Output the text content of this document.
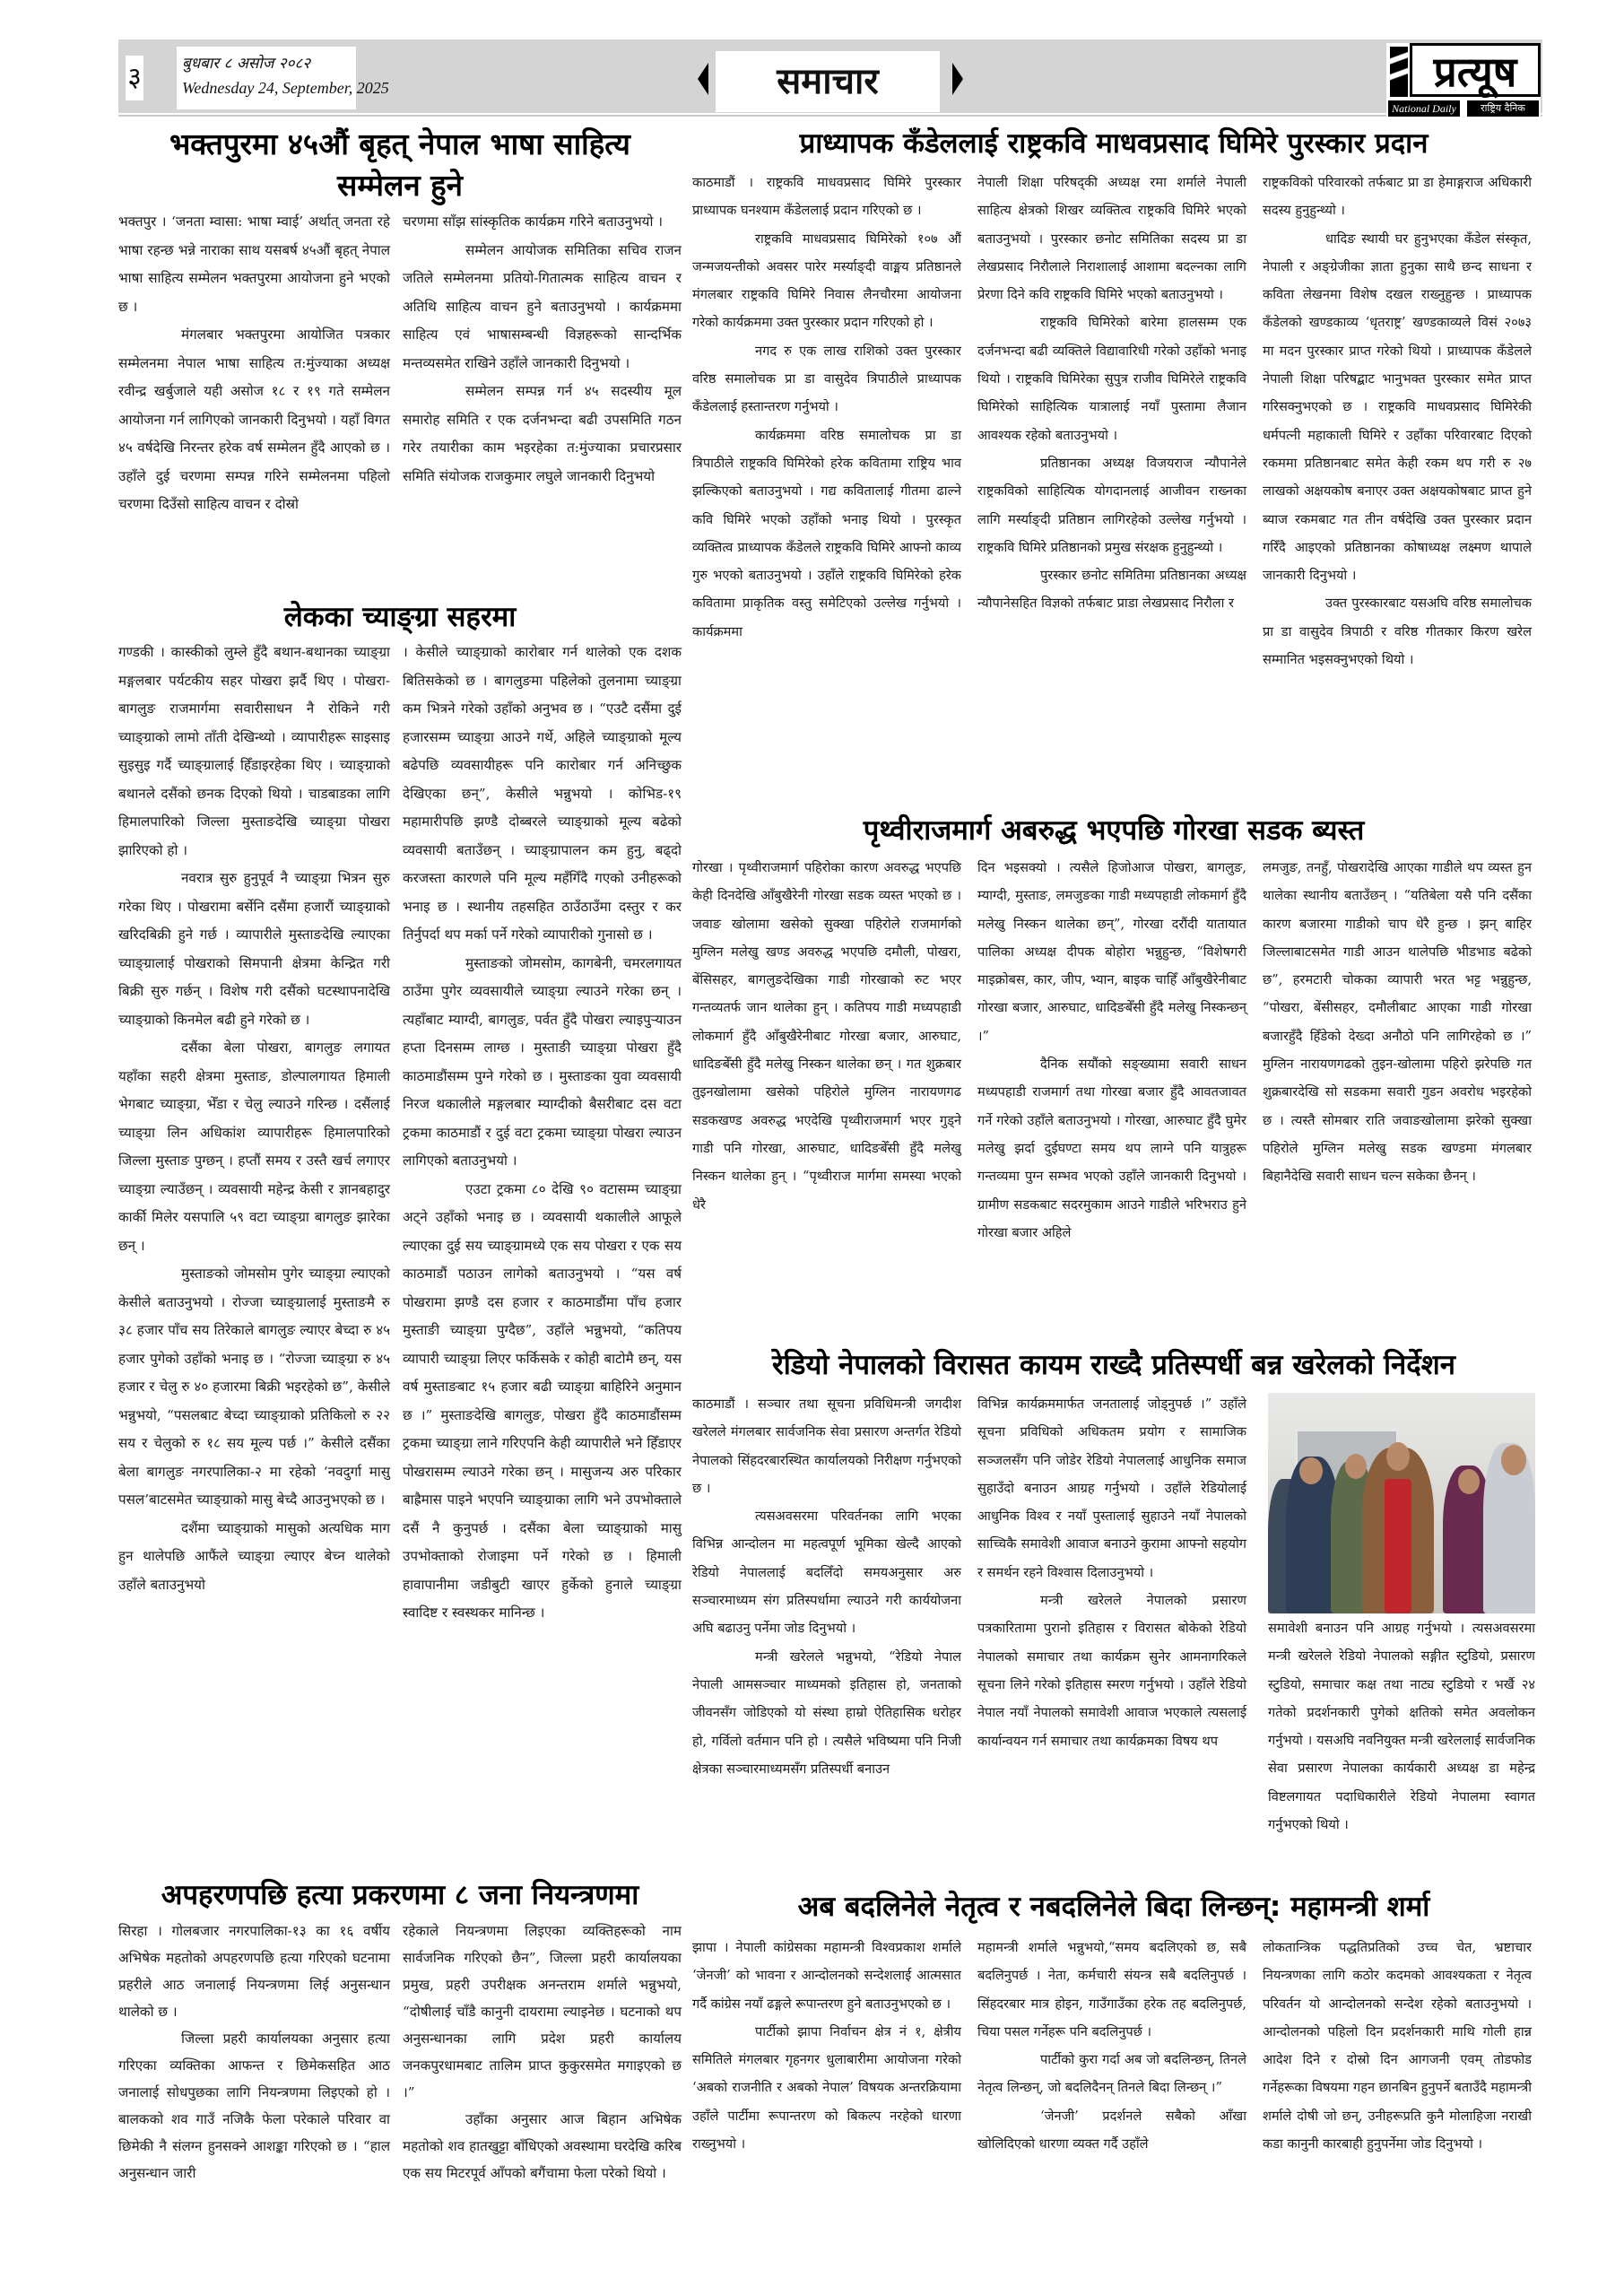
३	बुधबार ८ असोज २०८२
Wednesday 24, September, 2025	समाचार	प्रत्यूष
National Daily	राष्ट्रिय दैनिक
भक्तपुरमा ४५औं बृहत् नेपाल भाषा साहित्य सम्मेलन हुने

भक्तपुर । ‘जनता म्वासा: भाषा म्वाई’ अर्थात् जनता रहे भाषा रहन्छ भन्ने नाराका साथ यसबर्ष ४५औं बृहत् नेपाल भाषा साहित्य सम्मेलन भक्तपुरमा आयोजना हुने भएको छ ।

मंगलबार भक्तपुरमा आयोजित पत्रकार सम्मेलनमा नेपाल भाषा साहित्य त:मुंज्याका अध्यक्ष रवीन्द्र खर्बुजाले यही असोज १८ र १९ गते सम्मेलन आयोजना गर्न लागिएको जानकारी दिनुभयो । यहाँ विगत ४५ वर्षदेखि निरन्तर हरेक वर्ष सम्मेलन हुँदै आएको छ । उहाँले दुई चरणमा सम्पन्न गरिने सम्मेलनमा पहिलो चरणमा दिउँसो साहित्य वाचन र दोस्रो

चरणमा साँझ सांस्कृतिक कार्यक्रम गरिने बताउनुभयो ।

सम्मेलन आयोजक समितिका सचिव राजन जतिले सम्मेलनमा प्रतियो-गितात्मक साहित्य वाचन र अतिथि साहित्य वाचन हुने बताउनुभयो । कार्यक्रममा साहित्य एवं भाषासम्बन्धी विज्ञहरूको सान्दर्भिक मन्तव्यसमेत राखिने उहाँले जानकारी दिनुभयो ।

सम्मेलन सम्पन्न गर्न ४५ सदस्यीय मूल समारोह समिति र एक दर्जनभन्दा बढी उपसमिति गठन गरेर तयारीका काम भइरहेका त:मुंज्याका प्रचारप्रसार समिति संयोजक राजकुमार लघुले जानकारी दिनुभयो

लेकका च्याङ्ग्रा सहरमा

गण्डकी । कास्कीको लुम्ले हुँदै बथान-बथानका च्याङ्ग्रा मङ्गलबार पर्यटकीय सहर पोखरा झर्दै थिए । पोखरा-बागलुङ राजमार्गमा सवारीसाधन नै रोकिने गरी च्याङ्ग्राको लामो ताँती देखिन्थ्यो । व्यापारीहरू साइसाइ सुइसुइ गर्दै च्याङ्ग्रालाई हिँडाइरहेका थिए । च्याङ्ग्राको बथानले दसैंको छनक दिएको थियो । चाडबाडका लागि हिमालपारिको जिल्ला मुस्ताङदेखि च्याङ्ग्रा पोखरा झारिएको हो ।

नवरात्र सुरु हुनुपूर्व नै च्याङ्ग्रा भित्रन सुरु गरेका थिए । पोखरामा बर्सेनि दसैंमा हजारौं च्याङ्ग्राको खरिदबिक्री हुने गर्छ । व्यापारीले मुस्ताङदेखि ल्याएका च्याङ्ग्रालाई पोखराको सिमपानी क्षेत्रमा केन्द्रित गरी बिक्री सुरु गर्छन् । विशेष गरी दसैंको घटस्थापनादेखि च्याङ्ग्राको किनमेल बढी हुने गरेको छ ।

दसैंका बेला पोखरा, बागलुङ लगायत यहाँका सहरी क्षेत्रमा मुस्ताङ, डोल्पालगायत हिमाली भेगबाट च्याङ्ग्रा, भेँडा र चेलु ल्याउने गरिन्छ । दसैंलाई च्याङ्ग्रा लिन अधिकांश व्यापारीहरू हिमालपारिको जिल्ला मुस्ताङ पुग्छन् । हप्तौं समय र उस्तै खर्च लगाएर च्याङ्ग्रा ल्याउँछन् । व्यवसायी महेन्द्र केसी र ज्ञानबहादुर कार्की मिलेर यसपालि ५९ वटा च्याङ्ग्रा बागलुङ झारेका छन् ।

मुस्ताङको जोमसोम पुगेर च्याङ्ग्रा ल्याएको केसीले बताउनुभयो । रोज्जा च्याङ्ग्रालाई मुस्ताङमै रु ३८ हजार पाँच सय तिरेकाले बागलुङ ल्याएर बेच्दा रु ४५ हजार पुगेको उहाँको भनाइ छ । “रोज्जा च्याङ्ग्रा रु ४५ हजार र चेलु रु ४० हजारमा बिक्री भइरहेको छ”, केसीले भन्नुभयो, “पसलबाट बेच्दा च्याङ्ग्राको प्रतिकिलो रु २२ सय र चेलुको रु १८ सय मूल्य पर्छ ।” केसीले दसैंका बेला बागलुङ नगरपालिका-२ मा रहेको ‘नवदुर्गा मासु पसल’बाटसमेत च्याङ्ग्राको मासु बेच्दै आउनुभएको छ ।

दशैंमा च्याङ्ग्राको मासुको अत्यधिक माग हुन थालेपछि आफैंले च्याङ्ग्रा ल्याएर बेच्न थालेको उहाँले बताउनुभयो

। केसीले च्याङ्ग्राको कारोबार गर्न थालेको एक दशक बितिसकेको छ । बागलुङमा पहिलेको तुलनामा च्याङ्ग्रा कम भित्रने गरेको उहाँको अनुभव छ । “एउटै दसैंमा दुई हजारसम्म च्याङ्ग्रा आउने गर्थे, अहिले च्याङ्ग्राको मूल्य बढेपछि व्यवसायीहरू पनि कारोबार गर्न अनिच्छुक देखिएका छन्”, केसीले भन्नुभयो । कोभिड-१९ महामारीपछि झण्डै दोब्बरले च्याङ्ग्राको मूल्य बढेको व्यवसायी बताउँछन् । च्याङ्ग्रापालन कम हुनु, बढ्दो करजस्ता कारणले पनि मूल्य महँगिँदै गएको उनीहरूको भनाइ छ । स्थानीय तहसहित ठाउँठाउँमा दस्तुर र कर तिर्नुपर्दा थप मर्का पर्ने गरेको व्यापारीको गुनासो छ ।

मुस्ताङको जोमसोम, कागबेनी, चमरलगायत ठाउँमा पुगेर व्यवसायीले च्याङ्ग्रा ल्याउने गरेका छन् । त्यहाँबाट म्याग्दी, बागलुङ, पर्वत हुँदै पोखरा ल्याइपुऱ्याउन हप्ता दिनसम्म लाग्छ । मुस्ताङी च्याङ्ग्रा पोखरा हुँदै काठमाडौंसम्म पुग्ने गरेको छ । मुस्ताङका युवा व्यवसायी निरज थकालीले मङ्गलबार म्याग्दीको बैसरीबाट दस वटा ट्रकमा काठमाडौं र दुई वटा ट्रकमा च्याङ्ग्रा पोखरा ल्याउन लागिएको बताउनुभयो ।

एउटा ट्रकमा ८० देखि ९० वटासम्म च्याङ्ग्रा अट्ने उहाँको भनाइ छ । व्यवसायी थकालीले आफूले ल्याएका दुई सय च्याङ्ग्रामध्ये एक सय पोखरा र एक सय काठमाडौं पठाउन लागेको बताउनुभयो । “यस वर्ष पोखरामा झण्डै दस हजार र काठमाडौंमा पाँच हजार मुस्ताङी च्याङ्ग्रा पुग्दैछ”, उहाँले भन्नुभयो, “कतिपय व्यापारी च्याङ्ग्रा लिएर फर्किसके र कोही बाटोमै छन्, यस वर्ष मुस्ताङबाट १५ हजार बढी च्याङ्ग्रा बाहिरिने अनुमान छ ।” मुस्ताङदेखि बागलुङ, पोखरा हुँदै काठमाडौंसम्म ट्रकमा च्याङ्ग्रा लाने गरिएपनि केही व्यापारीले भने हिँडाएर पोखरासम्म ल्याउने गरेका छन् । मासुजन्य अरु परिकार बाह्रैमास पाइने भएपनि च्याङ्ग्राका लागि भने उपभोक्ताले दसैं नै कुनुपर्छ । दसैंका बेला च्याङ्ग्राको मासु उपभोक्ताको रोजाइमा पर्ने गरेको छ । हिमाली हावापानीमा जडीबुटी खाएर हुर्केको हुनाले च्याङ्ग्रा स्वादिष्ट र स्वस्थकर मानिन्छ ।

अपहरणपछि हत्या प्रकरणमा ८ जना नियन्त्रणमा

सिरहा । गोलबजार नगरपालिका-१३ का १६ वर्षीय अभिषेक महतोको अपहरणपछि हत्या गरिएको घटनामा प्रहरीले आठ जनालाई नियन्त्रणमा लिई अनुसन्धान थालेको छ ।

जिल्ला प्रहरी कार्यालयका अनुसार हत्या गरिएका व्यक्तिका आफन्त र छिमेकसहित आठ जनालाई सोधपुछका लागि नियन्त्रणमा लिइएको हो । बालकको शव गाउँ नजिकै फेला परेकाले परिवार वा छिमेकी नै संलग्न हुनसक्ने आशङ्का गरिएको छ । “हाल अनुसन्धान जारी

रहेकाले नियन्त्रणमा लिइएका व्यक्तिहरूको नाम सार्वजनिक गरिएको छैन”, जिल्ला प्रहरी कार्यालयका प्रमुख, प्रहरी उपरीक्षक अनन्तराम शर्माले भन्नुभयो, “दोषीलाई चाँडै कानुनी दायरामा ल्याइनेछ । घटनाको थप अनुसन्धानका लागि प्रदेश प्रहरी कार्यालय जनकपुरधामबाट तालिम प्राप्त कुकुरसमेत मगाइएको छ ।”

उहाँका अनुसार आज बिहान अभिषेक महतोको शव हातखुट्टा बाँधिएको अवस्थामा घरदेखि करिब एक सय मिटरपूर्व आँपको बगैंचामा फेला परेको थियो ।

प्राध्यापक कँडेललाई राष्ट्रकवि माधवप्रसाद घिमिरे पुरस्कार प्रदान

काठमाडौं । राष्ट्रकवि माधवप्रसाद घिमिरे पुरस्कार प्राध्यापक घनश्याम कँडेललाई प्रदान गरिएको छ ।

राष्ट्रकवि माधवप्रसाद घिमिरेको १०७ औं जन्मजयन्तीको अवसर पारेर मर्स्याङ्दी वाङ्मय प्रतिष्ठानले मंगलबार राष्ट्रकवि घिमिरे निवास लैनचौरमा आयोजना गरेको कार्यक्रममा उक्त पुरस्कार प्रदान गरिएको हो ।

नगद रु एक लाख राशिको उक्त पुरस्कार वरिष्ठ समालोचक प्रा डा वासुदेव त्रिपाठीले प्राध्यापक कँडेललाई हस्तान्तरण गर्नुभयो ।

कार्यक्रममा वरिष्ठ समालोचक प्रा डा त्रिपाठीले राष्ट्रकवि घिमिरेको हरेक कवितामा राष्ट्रिय भाव झल्किएको बताउनुभयो । गद्य कवितालाई गीतमा ढाल्ने कवि घिमिरे भएको उहाँको भनाइ थियो । पुरस्कृत व्यक्तित्व प्राध्यापक कँडेलले राष्ट्रकवि घिमिरे आफ्नो काव्य गुरु भएको बताउनुभयो । उहाँले राष्ट्रकवि घिमिरेको हरेक कवितामा प्राकृतिक वस्तु समेटिएको उल्लेख गर्नुभयो । कार्यक्रममा

नेपाली शिक्षा परिषद्की अध्यक्ष रमा शर्माले नेपाली साहित्य क्षेत्रको शिखर व्यक्तित्व राष्ट्रकवि घिमिरे भएको बताउनुभयो । पुरस्कार छनोट समितिका सदस्य प्रा डा लेखप्रसाद निरौलाले निराशालाई आशामा बदल्नका लागि प्रेरणा दिने कवि राष्ट्रकवि घिमिरे भएको बताउनुभयो ।

राष्ट्रकवि घिमिरेको बारेमा हालसम्म एक दर्जनभन्दा बढी व्यक्तिले विद्यावारिधी गरेको उहाँको भनाइ थियो । राष्ट्रकवि घिमिरेका सुपुत्र राजीव घिमिरेले राष्ट्रकवि घिमिरेको साहित्यिक यात्रालाई नयाँ पुस्तामा लैजान आवश्यक रहेको बताउनुभयो ।

प्रतिष्ठानका अध्यक्ष विजयराज न्यौपानेले राष्ट्रकविको साहित्यिक योगदानलाई आजीवन राख्नका लागि मर्स्याङ्दी प्रतिष्ठान लागिरहेको उल्लेख गर्नुभयो । राष्ट्रकवि घिमिरे प्रतिष्ठानको प्रमुख संरक्षक हुनुहुन्थ्यो ।

पुरस्कार छनोट समितिमा प्रतिष्ठानका अध्यक्ष न्यौपानेसहित विज्ञको तर्फबाट प्राडा लेखप्रसाद निरौला र

राष्ट्रकविको परिवारको तर्फबाट प्रा डा हेमाङ्गराज अधिकारी सदस्य हुनुहुन्थ्यो ।

धादिङ स्थायी घर हुनुभएका कँडेल संस्कृत, नेपाली र अङ्ग्रेजीका ज्ञाता हुनुका साथै छन्द साधना र कविता लेखनमा विशेष दखल राख्नुहुन्छ । प्राध्यापक कँडेलको खण्डकाव्य ‘धृतराष्ट्र’ खण्डकाव्यले विसं २०७३ मा मदन पुरस्कार प्राप्त गरेको थियो । प्राध्यापक कँडेलले नेपाली शिक्षा परिषद्बाट भानुभक्त पुरस्कार समेत प्राप्त गरिसक्नुभएको छ । राष्ट्रकवि माधवप्रसाद घिमिरेकी धर्मपत्नी महाकाली घिमिरे र उहाँका परिवारबाट दिएको रकममा प्रतिष्ठानबाट समेत केही रकम थप गरी रु २७ लाखको अक्षयकोष बनाएर उक्त अक्षयकोषबाट प्राप्त हुने ब्याज रकमबाट गत तीन वर्षदेखि उक्त पुरस्कार प्रदान गरिँदै आइएको प्रतिष्ठानका कोषाध्यक्ष लक्ष्मण थापाले जानकारी दिनुभयो ।

उक्त पुरस्कारबाट यसअघि वरिष्ठ समालोचक प्रा डा वासुदेव त्रिपाठी र वरिष्ठ गीतकार किरण खरेल सम्मानित भइसक्नुभएको थियो ।

पृथ्वीराजमार्ग अबरुद्ध भएपछि गोरखा सडक ब्यस्त

गोरखा । पृथ्वीराजमार्ग पहिरोका कारण अवरुद्ध भएपछि केही दिनदेखि आँबुखैरेनी गोरखा सडक व्यस्त भएको छ । जवाङ खोलामा खसेको सुक्खा पहिरोले राजमार्गको मुग्लिन मलेखु खण्ड अवरुद्ध भएपछि दमौली, पोखरा, बेंसिसहर, बागलुङदेखिका गाडी गोरखाको रुट भएर गन्तव्यतर्फ जान थालेका हुन् । कतिपय गाडी मध्यपहाडी लोकमार्ग हुँदै आँबुखैरेनीबाट गोरखा बजार, आरुघाट, धादिङबेँसी हुँदै मलेखु निस्कन थालेका छन् । गत शुक्रबार तुइनखोलामा खसेको पहिरोले मुग्लिन नारायणगढ सडकखण्ड अवरुद्ध भएदेखि पृथ्वीराजमार्ग भएर गुड्ने गाडी पनि गोरखा, आरुघाट, धादिङबेँसी हुँदै मलेखु निस्कन थालेका हुन् । “पृथ्वीराज मार्गमा समस्या भएको धेरै

दिन भइसक्यो । त्यसैले हिजोआज पोखरा, बागलुङ, म्याग्दी, मुस्ताङ, लमजुङका गाडी मध्यपहाडी लोकमार्ग हुँदै मलेखु निस्कन थालेका छन्”, गोरखा दरौंदी यातायात पालिका अध्यक्ष दीपक बोहोरा भन्नुहुन्छ, “विशेषगरी माइक्रोबस, कार, जीप, भ्यान, बाइक चाहिँ आँबुखैरेनीबाट गोरखा बजार, आरुघाट, धादिङबेँसी हुँदै मलेखु निस्कन्छन् ।”

दैनिक सयौंको सङ्ख्यामा सवारी साधन मध्यपहाडी राजमार्ग तथा गोरखा बजार हुँदै आवतजावत गर्ने गरेको उहाँले बताउनुभयो । गोरखा, आरुघाट हुँदै घुमेर मलेखु झर्दा दुईघण्टा समय थप लाग्ने पनि यात्रुहरू गन्तव्यमा पुग्न सम्भव भएको उहाँले जानकारी दिनुभयो । ग्रामीण सडकबाट सदरमुकाम आउने गाडीले भरिभराउ हुने गोरखा बजार अहिले

लमजुङ, तनहुँ, पोखरादेखि आएका गाडीले थप व्यस्त हुन थालेका स्थानीय बताउँछन् । “यतिबेला यसै पनि दसैंका कारण बजारमा गाडीको चाप धेरै हुन्छ । झन् बाहिर जिल्लाबाटसमेत गाडी आउन थालेपछि भीडभाड बढेको छ”, हरमटारी चोकका व्यापारी भरत भट्ट भन्नुहुन्छ, “पोखरा, बेंसीसहर, दमौलीबाट आएका गाडी गोरखा बजारहुँदै हिँडेको देख्दा अनौठो पनि लागिरहेको छ ।” मुग्लिन नारायणगढको तुइन-खोलामा पहिरो झरेपछि गत शुक्रबारदेखि सो सडकमा सवारी गुडन अवरोध भइरहेको छ । त्यस्तै सोमबार राति जवाङखोलामा झरेको सुक्खा पहिरोले मुग्लिन मलेखु सडक खण्डमा मंगलबार बिहानैदेखि सवारी साधन चल्न सकेका छैनन् ।

रेडियो नेपालको विरासत कायम राख्दै प्रतिस्पर्धी बन्न खरेलको निर्देशन

काठमाडौं । सञ्चार तथा सूचना प्रविधिमन्त्री जगदीश खरेलले मंगलबार सार्वजनिक सेवा प्रसारण अन्तर्गत रेडियो नेपालको सिंहदरबारस्थित कार्यालयको निरीक्षण गर्नुभएको छ ।

त्यसअवसरमा परिवर्तनका लागि भएका विभिन्न आन्दोलन मा महत्वपूर्ण भूमिका खेल्दै आएको रेडियो नेपाललाई बदलिँदो समयअनुसार अरु सञ्चारमाध्यम संग प्रतिस्पर्धामा ल्याउने गरी कार्ययोजना अघि बढाउनु पर्नेमा जोड दिनुभयो ।

मन्त्री खरेलले भन्नुभयो, “रेडियो नेपाल नेपाली आमसञ्चार माध्यमको इतिहास हो, जनताको जीवनसँग जोडिएको यो संस्था हाम्रो ऐतिहासिक धरोहर हो, गर्विलो वर्तमान पनि हो । त्यसैले भविष्यमा पनि निजी क्षेत्रका सञ्चारमाध्यमसँग प्रतिस्पर्धी बनाउन

विभिन्न कार्यक्रममार्फत जनतालाई जोड्नुपर्छ ।” उहाँले सूचना प्रविधिको अधिकतम प्रयोग र सामाजिक सञ्जलसँग पनि जोडेर रेडियो नेपाललाई आधुनिक समाज सुहाउँदो बनाउन आग्रह गर्नुभयो । उहाँले रेडियोलाई आधुनिक विश्व र नयाँ पुस्तालाई सुहाउने नयाँ नेपालको साच्चिकै समावेशी आवाज बनाउने कुरामा आफ्नो सहयोग र समर्थन रहने विश्वास दिलाउनुभयो ।

मन्त्री खरेलले नेपालको प्रसारण पत्रकारितामा पुरानो इतिहास र विरासत बोकेको रेडियो नेपालको समाचार तथा कार्यक्रम सुनेर आमनागरिकले सूचना लिने गरेको इतिहास स्मरण गर्नुभयो । उहाँले रेडियो नेपाल नयाँ नेपालको समावेशी आवाज भएकाले त्यसलाई कार्यान्वयन गर्न समाचार तथा कार्यक्रमका विषय थप

समावेशी बनाउन पनि आग्रह गर्नुभयो । त्यसअवसरमा मन्त्री खरेलले रेडियो नेपालको सङ्गीत स्टुडियो, प्रसारण स्टुडियो, समाचार कक्ष तथा नाट्य स्टुडियो र भर्खै २४ गतेको प्रदर्शनकारी पुगेको क्षतिको समेत अवलोकन गर्नुभयो । यसअघि नवनियुक्त मन्त्री खरेललाई सार्वजनिक सेवा प्रसारण नेपालका कार्यकारी अध्यक्ष डा महेन्द्र विष्टलगायत पदाधिकारीले रेडियो नेपालमा स्वागत गर्नुभएको थियो ।

अब बदलिनेले नेतृत्व र नबदलिनेले बिदा लिन्छन्: महामन्त्री शर्मा

झापा । नेपाली कांग्रेसका महामन्त्री विश्वप्रकाश शर्माले ‘जेनजी’ को भावना र आन्दोलनको सन्देशलाई आत्मसात गर्दै कांग्रेस नयाँ ढङ्गले रूपान्तरण हुने बताउनुभएको छ ।

पार्टीको झापा निर्वाचन क्षेत्र नं १, क्षेत्रीय समितिले मंगलबार गृहनगर धुलाबारीमा आयोजना गरेको ‘अबको राजनीति र अबको नेपाल’ विषयक अन्तरक्रियामा उहाँले पार्टीमा रूपान्तरण को बिकल्प नरहेको धारणा राख्नुभयो ।

महामन्त्री शर्माले भन्नुभयो,“समय बदलिएको छ, सबै बदलिनुपर्छ । नेता, कर्मचारी संयन्त्र सबै बदलिनुपर्छ । सिंहदरबार मात्र होइन, गाउँगाउँका हरेक तह बदलिनुपर्छ, चिया पसल गर्नेहरू पनि बदलिनुपर्छ ।

पार्टीको कुरा गर्दा अब जो बदलिन्छन्, तिनले नेतृत्व लिन्छन्, जो बदलिदैनन् तिनले बिदा लिन्छन् ।”

‘जेनजी’ प्रदर्शनले सबैको आँखा खोलिदिएको धारणा व्यक्त गर्दै उहाँले

लोकतान्त्रिक पद्धतिप्रतिको उच्च चेत, भ्रष्टाचार नियन्त्रणका लागि कठोर कदमको आवश्यकता र नेतृत्व परिवर्तन यो आन्दोलनको सन्देश रहेको बताउनुभयो । आन्दोलनको पहिलो दिन प्रदर्शनकारी माथि गोली हान्न आदेश दिने र दोस्रो दिन आगजनी एवम् तोडफोड गर्नेहरूका विषयमा गहन छानबिन हुनुपर्ने बताउँदै महामन्त्री शर्माले दोषी जो छन्, उनीहरूप्रति कुनै मोलाहिजा नराखी कडा कानुनी कारबाही हुनुपर्नेमा जोड दिनुभयो ।
